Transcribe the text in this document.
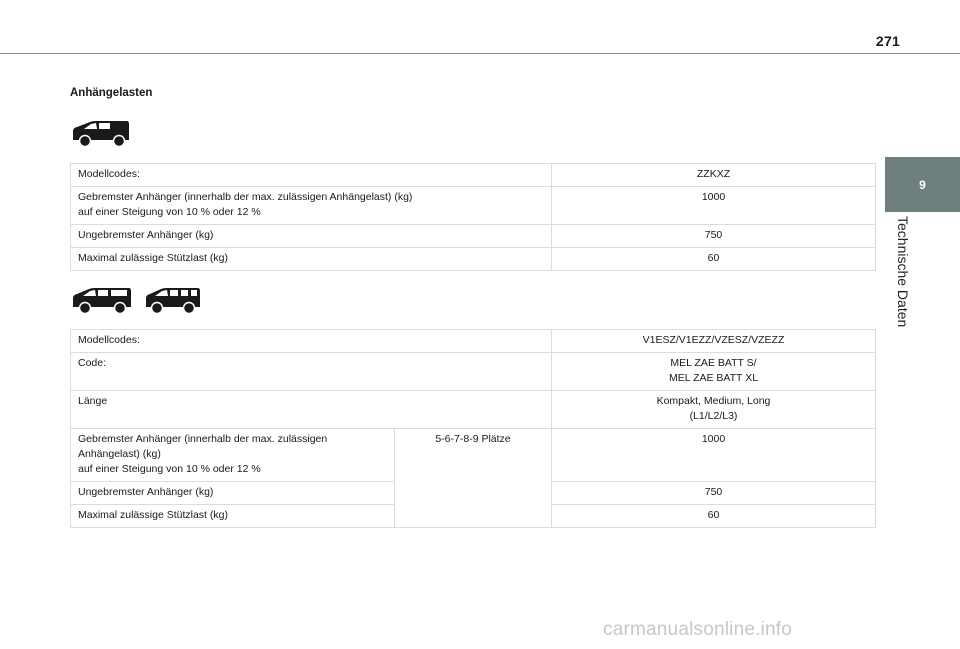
271
9
Technische Daten
Anhängelasten
Modellcodes:	ZZKXZ

Gebremster Anhänger (innerhalb der max. zulässigen Anhängelast) (kg)
auf einer Steigung von 10 % oder 12 %	1000
Ungebremster Anhänger (kg)	750
Maximal zulässige Stützlast (kg)	60
Modellcodes:		V1ESZ/V1EZZ/VZESZ/VZEZZ
Code:		MEL ZAE BATT S/
MEL ZAE BATT XL

Länge		Kompakt, Medium, Long
(L1/L2/L3)

Gebremster Anhänger (innerhalb der max. zulässigen
Anhängelast) (kg)
auf einer Steigung von 10 % oder 12 %	5-6-7-8-9 Plätze	1000
Ungebremster Anhänger (kg)		750
Maximal zulässige Stützlast (kg)		60
carmanualsonline.info
